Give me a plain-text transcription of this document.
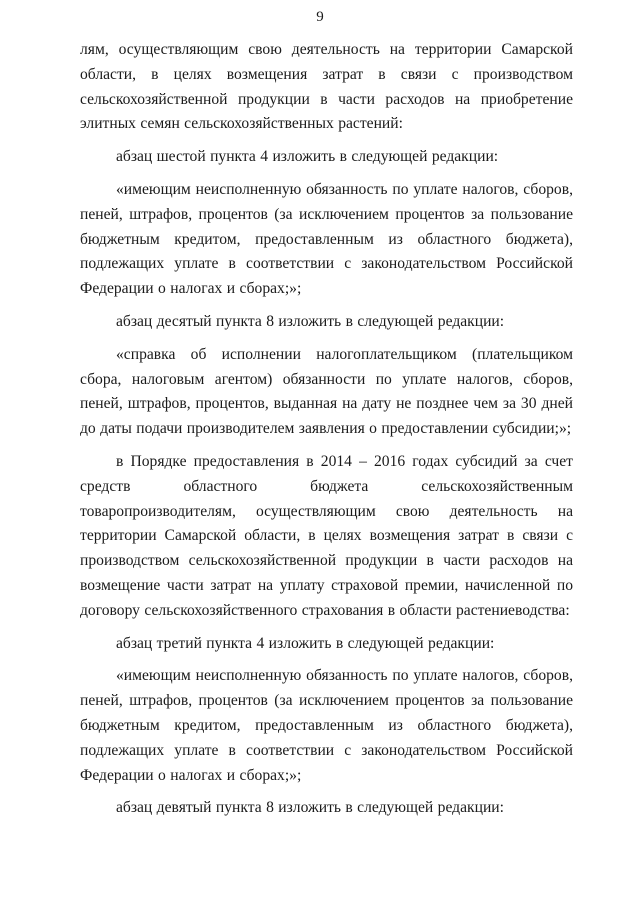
9

лям, осуществляющим свою деятельность на территории Самарской области, в целях возмещения затрат в связи с производством сельскохозяйственной продукции в части расходов на приобретение элитных семян сельскохозяйственных растений:

абзац шестой пункта 4 изложить в следующей редакции:

«имеющим неисполненную обязанность по уплате налогов, сборов, пеней, штрафов, процентов (за исключением процентов за пользование бюджетным кредитом, предоставленным из областного бюджета), подлежащих уплате в соответствии с законодательством Российской Федерации о налогах и сборах;»;

абзац десятый пункта 8 изложить в следующей редакции:

«справка об исполнении налогоплательщиком (плательщиком сбора, налоговым агентом) обязанности по уплате налогов, сборов, пеней, штрафов, процентов, выданная на дату не позднее чем за 30 дней до даты подачи производителем заявления о предоставлении субсидии;»;

в Порядке предоставления в 2014 – 2016 годах субсидий за счет средств областного бюджета сельскохозяйственным товаропроизводителям, осуществляющим свою деятельность на территории Самарской области, в целях возмещения затрат в связи с производством сельскохозяйственной продукции в части расходов на возмещение части затрат на уплату страховой премии, начисленной по договору сельскохозяйственного страхования в области растениеводства:

абзац третий пункта 4 изложить в следующей редакции:

«имеющим неисполненную обязанность по уплате налогов, сборов, пеней, штрафов, процентов (за исключением процентов за пользование бюджетным кредитом, предоставленным из областного бюджета), подлежащих уплате в соответствии с законодательством Российской Федерации о налогах и сборах;»;

абзац девятый пункта 8 изложить в следующей редакции:
